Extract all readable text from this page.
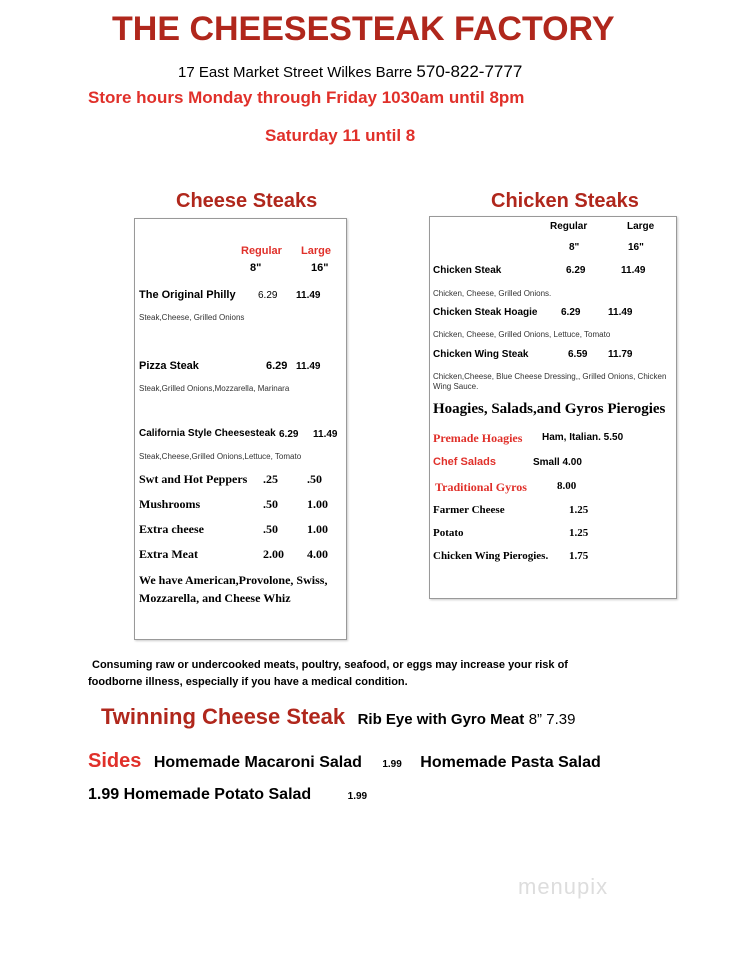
THE CHEESESTEAK FACTORY
17 East Market Street Wilkes Barre 570-822-7777
Store hours Monday through Friday 1030am until 8pm
Saturday 11 until 8
Cheese Steaks	Chicken Steaks
Regular Large
8"	16"
The Original Philly 6.29 11.49
Steak,Cheese, Grilled Onions
Pizza Steak	6.29 11.49
Steak,Grilled Onions,Mozzarella, Marinara
California Style Cheesesteak 6.29 11.49
Steak,Cheese,Grilled Onions,Lettuce, Tomato
Swt and Hot Peppers .25 .50
Mushrooms	.50 1.00
Extra cheese	.50 1.00
Extra Meat	2.00 4.00
We have American,Provolone, Swiss,
Mozzarella, and Cheese Whiz
Regular	Large
8"	16"
Chicken Steak	6.29	11.49
Chicken, Cheese, Grilled Onions.
Chicken Steak Hoagie 6.29	11.49
Chicken, Cheese, Grilled Onions, Lettuce, Tomato
Chicken Wing Steak	6.59 11.79
Chicken,Cheese, Blue Cheese Dressing,, Grilled Onions, Chicken
Wing Sauce.
Hoagies, Salads,and Gyros Pierogies
Premade Hoagies Ham, Italian. 5.50
Chef Salads	Small 4.00
Traditional Gyros	8.00
Farmer Cheese	1.25
Potato	1.25
Chicken Wing Pierogies. 1.75
Consuming raw or undercooked meats, poultry, seafood, or eggs may increase your risk of
foodborne illness, especially if you have a medical condition.
Twinning Cheese Steak Rib Eye with Gyro Meat 8” 7.39
Sides Homemade Macaroni Salad 1.99 Homemade Pasta Salad
1.99 Homemade Potato Salad	1.99
menupix
